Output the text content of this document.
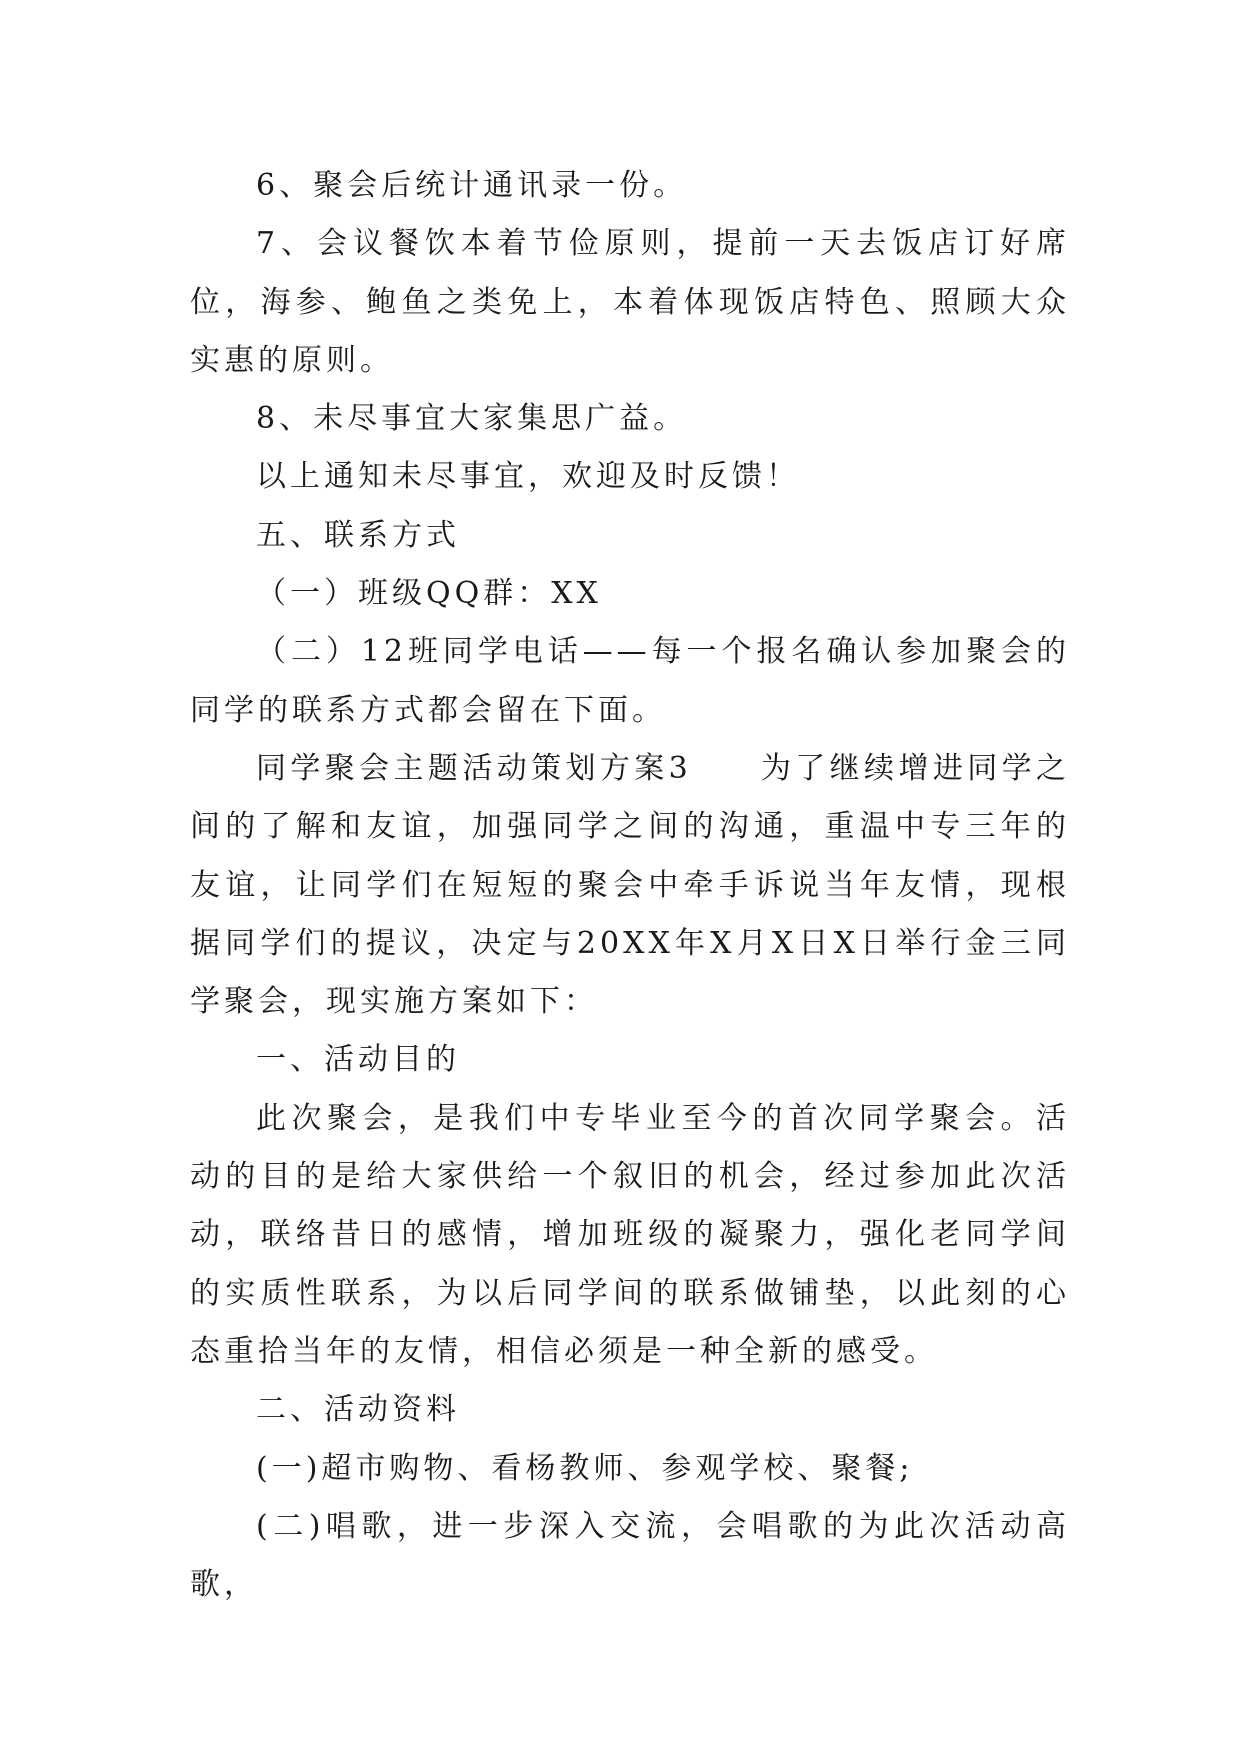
6、聚会后统计通讯录一份。

7、会议餐饮本着节俭原则，提前一天去饭店订好席位，海参、鲍鱼之类免上，本着体现饭店特色、照顾大众实惠的原则。

8、未尽事宜大家集思广益。

以上通知未尽事宜，欢迎及时反馈！

五、联系方式

（一）班级QQ群：XX

（二）12班同学电话——每一个报名确认参加聚会的同学的联系方式都会留在下面。

同学聚会主题活动策划方案3　　为了继续增进同学之间的了解和友谊，加强同学之间的沟通，重温中专三年的友谊，让同学们在短短的聚会中牵手诉说当年友情，现根据同学们的提议，决定与20XX年X月X日X日举行金三同学聚会，现实施方案如下：

一、活动目的

此次聚会，是我们中专毕业至今的首次同学聚会。活动的目的是给大家供给一个叙旧的机会，经过参加此次活动，联络昔日的感情，增加班级的凝聚力，强化老同学间的实质性联系，为以后同学间的联系做铺垫，以此刻的心态重拾当年的友情，相信必须是一种全新的感受。

二、活动资料

(一)超市购物、看杨教师、参观学校、聚餐;

(二)唱歌，进一步深入交流，会唱歌的为此次活动高歌，
